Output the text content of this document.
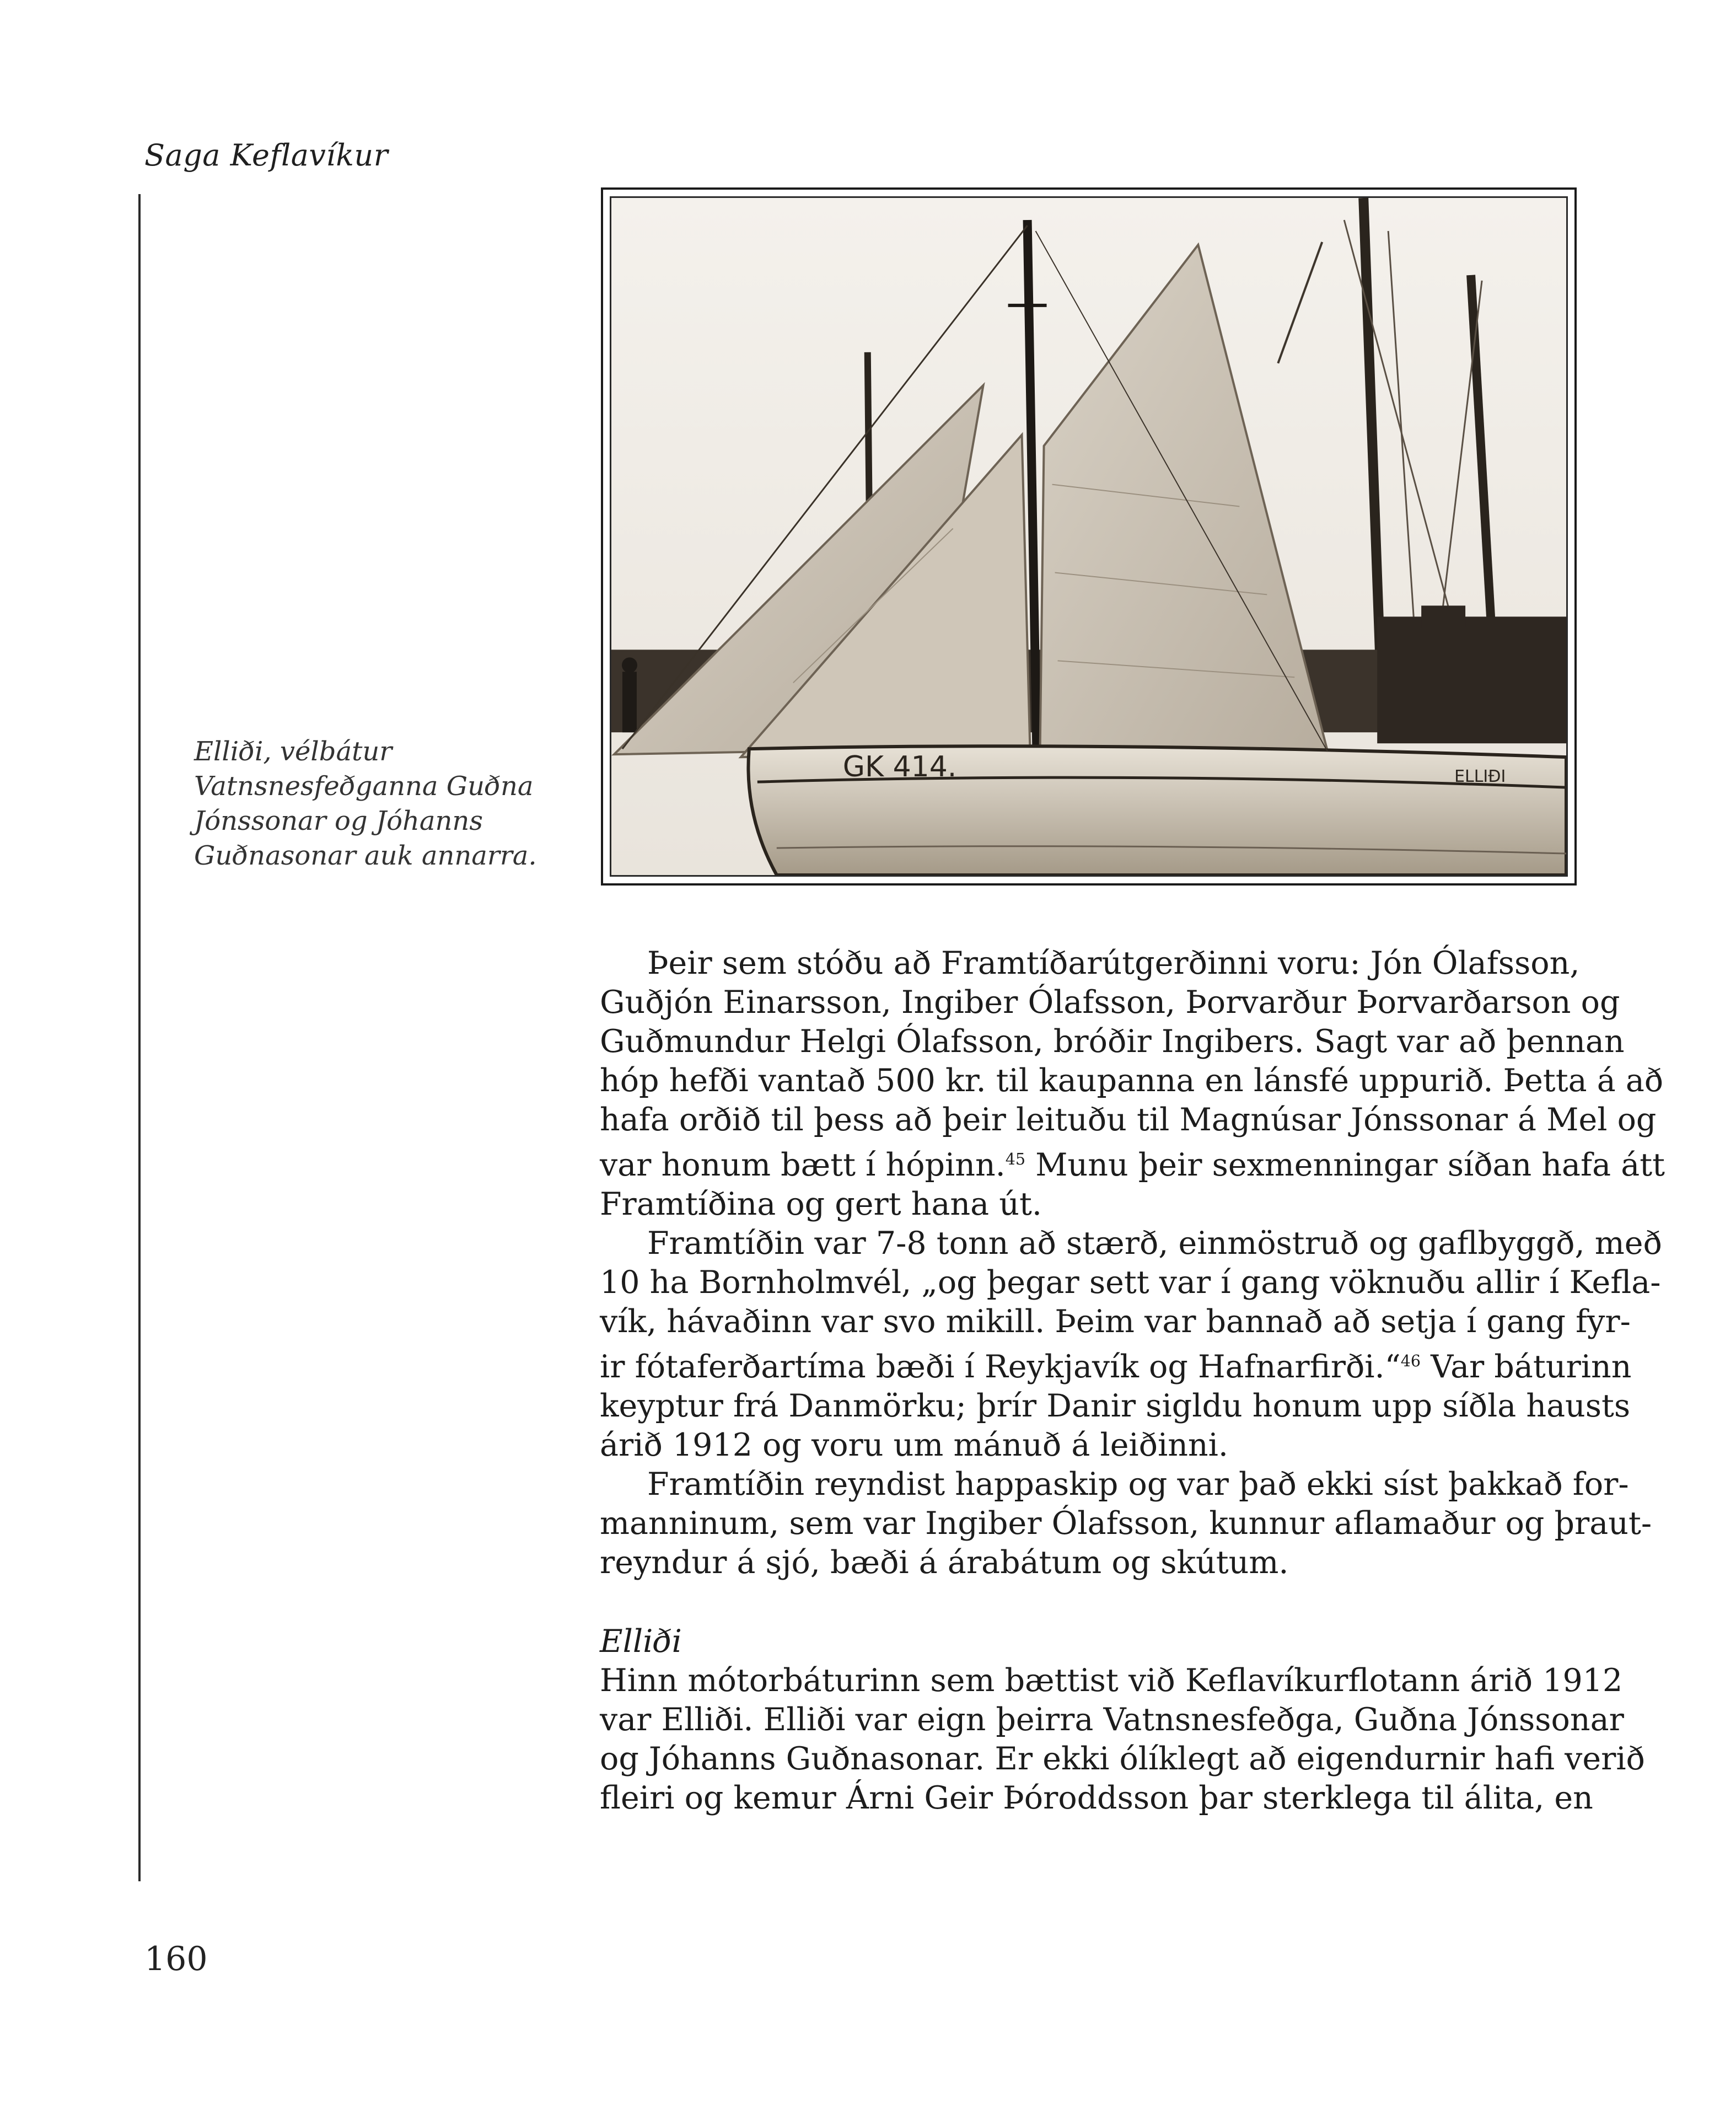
Saga Keflavíkur
Elliði, vélbátur
Vatnsnesfeðganna Guðna
Jónssonar og Jóhanns
Guðnasonar auk annarra.
GK 414.	ELLIÐI
Þeir sem stóðu að Framtíðarútgerðinni voru: Jón Ólafsson,
Guðjón Einarsson, Ingiber Ólafsson, Þorvarður Þorvarðarson og
Guðmundur Helgi Ólafsson, bróðir Ingibers. Sagt var að þennan
hóp hefði vantað 500 kr. til kaupanna en lánsfé uppurið. Þetta á að
hafa orðið til þess að þeir leituðu til Magnúsar Jónssonar á Mel og
var honum bætt í hópinn.$^{45}$ Munu þeir sexmenningar síðan hafa átt
Framtíðina og gert hana út.
Framtíðin var 7-8 tonn að stærð, einmöstruð og gaflbyggð, með
10 ha Bornholmvél, „og þegar sett var í gang vöknuðu allir í Kefla-
vík, hávaðinn var svo mikill. Þeim var bannað að setja í gang fyr-
ir fótaferðartíma bæði í Reykjavík og Hafnarfirði.“$^{46}$ Var báturinn
keyptur frá Danmörku; þrír Danir sigldu honum upp síðla hausts
árið 1912 og voru um mánuð á leiðinni.
Framtíðin reyndist happaskip og var það ekki síst þakkað for-
manninum, sem var Ingiber Ólafsson, kunnur aflamaður og þraut-
reyndur á sjó, bæði á árabátum og skútum.
Elliði
Hinn mótorbáturinn sem bættist við Keflavíkurflotann árið 1912
var Elliði. Elliði var eign þeirra Vatnsnesfeðga, Guðna Jónssonar
og Jóhanns Guðnasonar. Er ekki ólíklegt að eigendurnir hafi verið
fleiri og kemur Árni Geir Þóroddsson þar sterklega til álita, en
160
